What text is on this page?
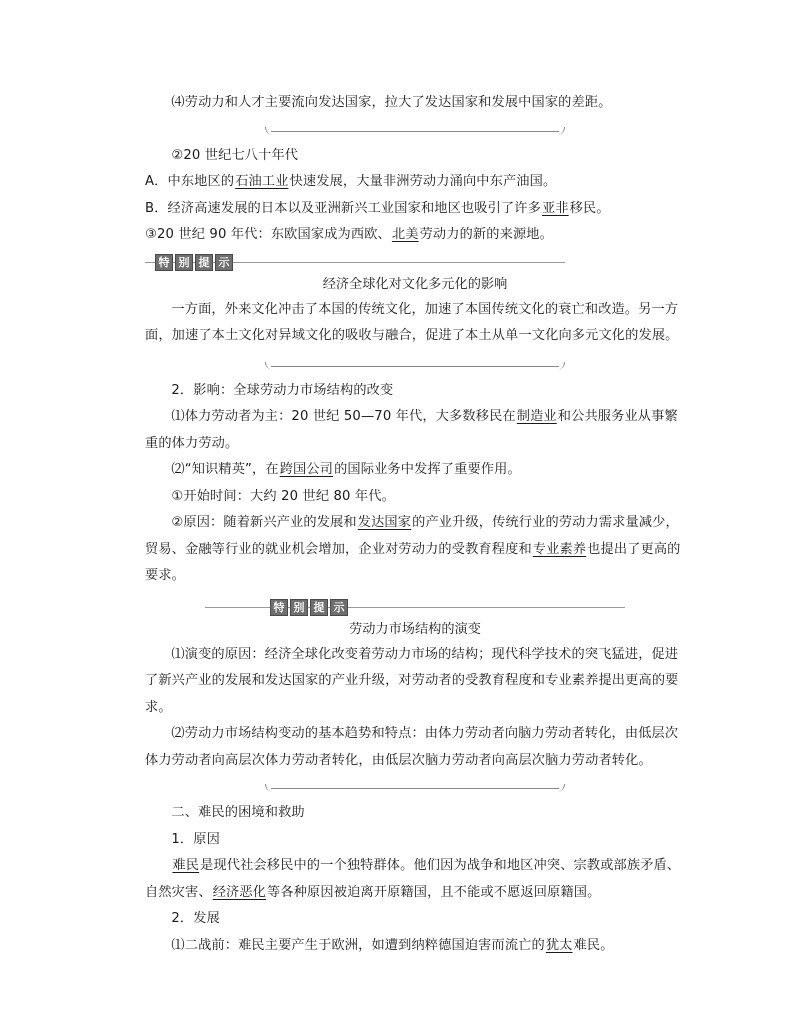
⑷劳动力和人才主要流向发达国家，拉大了发达国家和发展中国家的差距。

②20 世纪七八十年代

A．中东地区的石油工业快速发展，大量非洲劳动力涌向中东产油国。

B．经济高速发展的日本以及亚洲新兴工业国家和地区也吸引了许多亚非移民。

③20 世纪 90 年代：东欧国家成为西欧、北美劳动力的新的来源地。

特 别 提 示
经济全球化对文化多元化的影响

一方面，外来文化冲击了本国的传统文化，加速了本国传统文化的衰亡和改造。另一方面，加速了本土文化对异域文化的吸收与融合，促进了本土从单一文化向多元文化的发展。

2．影响：全球劳动力市场结构的改变

⑴体力劳动者为主：20 世纪 50—70 年代，大多数移民在制造业和公共服务业从事繁重的体力劳动。

⑵“知识精英”，在跨国公司的国际业务中发挥了重要作用。

①开始时间：大约 20 世纪 80 年代。

②原因：随着新兴产业的发展和发达国家的产业升级，传统行业的劳动力需求量减少，贸易、金融等行业的就业机会增加，企业对劳动力的受教育程度和专业素养也提出了更高的要求。

特 别 提 示
劳动力市场结构的演变

⑴演变的原因：经济全球化改变着劳动力市场的结构；现代科学技术的突飞猛进，促进了新兴产业的发展和发达国家的产业升级，对劳动者的受教育程度和专业素养提出更高的要求。

⑵劳动力市场结构变动的基本趋势和特点：由体力劳动者向脑力劳动者转化，由低层次体力劳动者向高层次体力劳动者转化，由低层次脑力劳动者向高层次脑力劳动者转化。

二、难民的困境和救助

1．原因

难民是现代社会移民中的一个独特群体。他们因为战争和地区冲突、宗教或部族矛盾、自然灾害、经济恶化等各种原因被迫离开原籍国，且不能或不愿返回原籍国。

2．发展

⑴二战前：难民主要产生于欧洲，如遭到纳粹德国迫害而流亡的犹太难民。
